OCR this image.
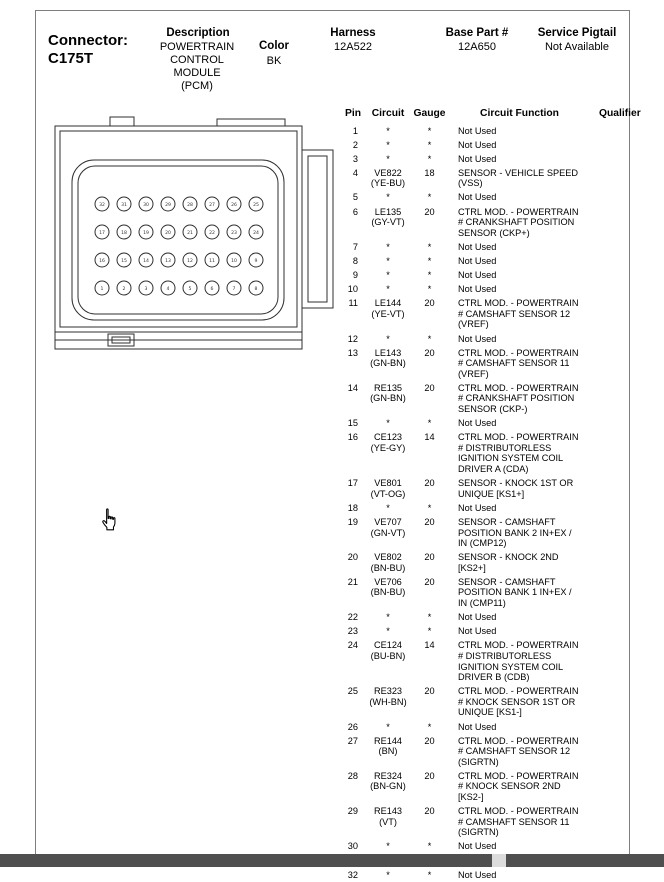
Connector:
C175T
Description
POWERTRAIN CONTROL MODULE (PCM)
Color
BK
Harness
12A522
Base Part #
12A650
Service Pigtail
Not Available
32	31	30	29	28	27	26	25
17	18	19	20	21	22	23	24
16	15	14	13	12	11	10	9
1	2	3	4	5	6	7	8
Pin	Circuit	Gauge	Circuit Function	Qualifier
1	*	*	Not Used	
2	*	*	Not Used	
3	*	*	Not Used	
4	VE822
(YE-BU)	18	SENSOR - VEHICLE SPEED (VSS)	
5	*	*	Not Used	
6	LE135
(GY-VT)	20	CTRL MOD. - POWERTRAIN # CRANKSHAFT POSITION SENSOR (CKP+)	
7	*	*	Not Used	
8	*	*	Not Used	
9	*	*	Not Used	
10	*	*	Not Used	
11	LE144
(YE-VT)	20	CTRL MOD. - POWERTRAIN # CAMSHAFT SENSOR 12 (VREF)	
12	*	*	Not Used	
13	LE143
(GN-BN)	20	CTRL MOD. - POWERTRAIN # CAMSHAFT SENSOR 11 (VREF)	
14	RE135
(GN-BN)	20	CTRL MOD. - POWERTRAIN # CRANKSHAFT POSITION SENSOR (CKP-)	
15	*	*	Not Used	
16	CE123
(YE-GY)	14	CTRL MOD. - POWERTRAIN # DISTRIBUTORLESS IGNITION SYSTEM COIL DRIVER A (CDA)	
17	VE801
(VT-OG)	20	SENSOR - KNOCK 1ST OR UNIQUE [KS1+]	
18	*	*	Not Used	
19	VE707
(GN-VT)	20	SENSOR - CAMSHAFT POSITION BANK 2 IN+EX / IN (CMP12)	
20	VE802
(BN-BU)	20	SENSOR - KNOCK 2ND [KS2+]	
21	VE706
(BN-BU)	20	SENSOR - CAMSHAFT POSITION BANK 1 IN+EX / IN (CMP11)	
22	*	*	Not Used	
23	*	*	Not Used	
24	CE124
(BU-BN)	14	CTRL MOD. - POWERTRAIN # DISTRIBUTORLESS IGNITION SYSTEM COIL DRIVER B (CDB)	
25	RE323
(WH-BN)	20	CTRL MOD. - POWERTRAIN # KNOCK SENSOR 1ST OR UNIQUE [KS1-]	
26	*	*	Not Used	
27	RE144
(BN)	20	CTRL MOD. - POWERTRAIN # CAMSHAFT SENSOR 12 (SIGRTN)	
28	RE324
(BN-GN)	20	CTRL MOD. - POWERTRAIN # KNOCK SENSOR 2ND [KS2-]	
29	RE143
(VT)	20	CTRL MOD. - POWERTRAIN # CAMSHAFT SENSOR 11 (SIGRTN)	
30	*	*	Not Used	

32	*	*	Not Used	
